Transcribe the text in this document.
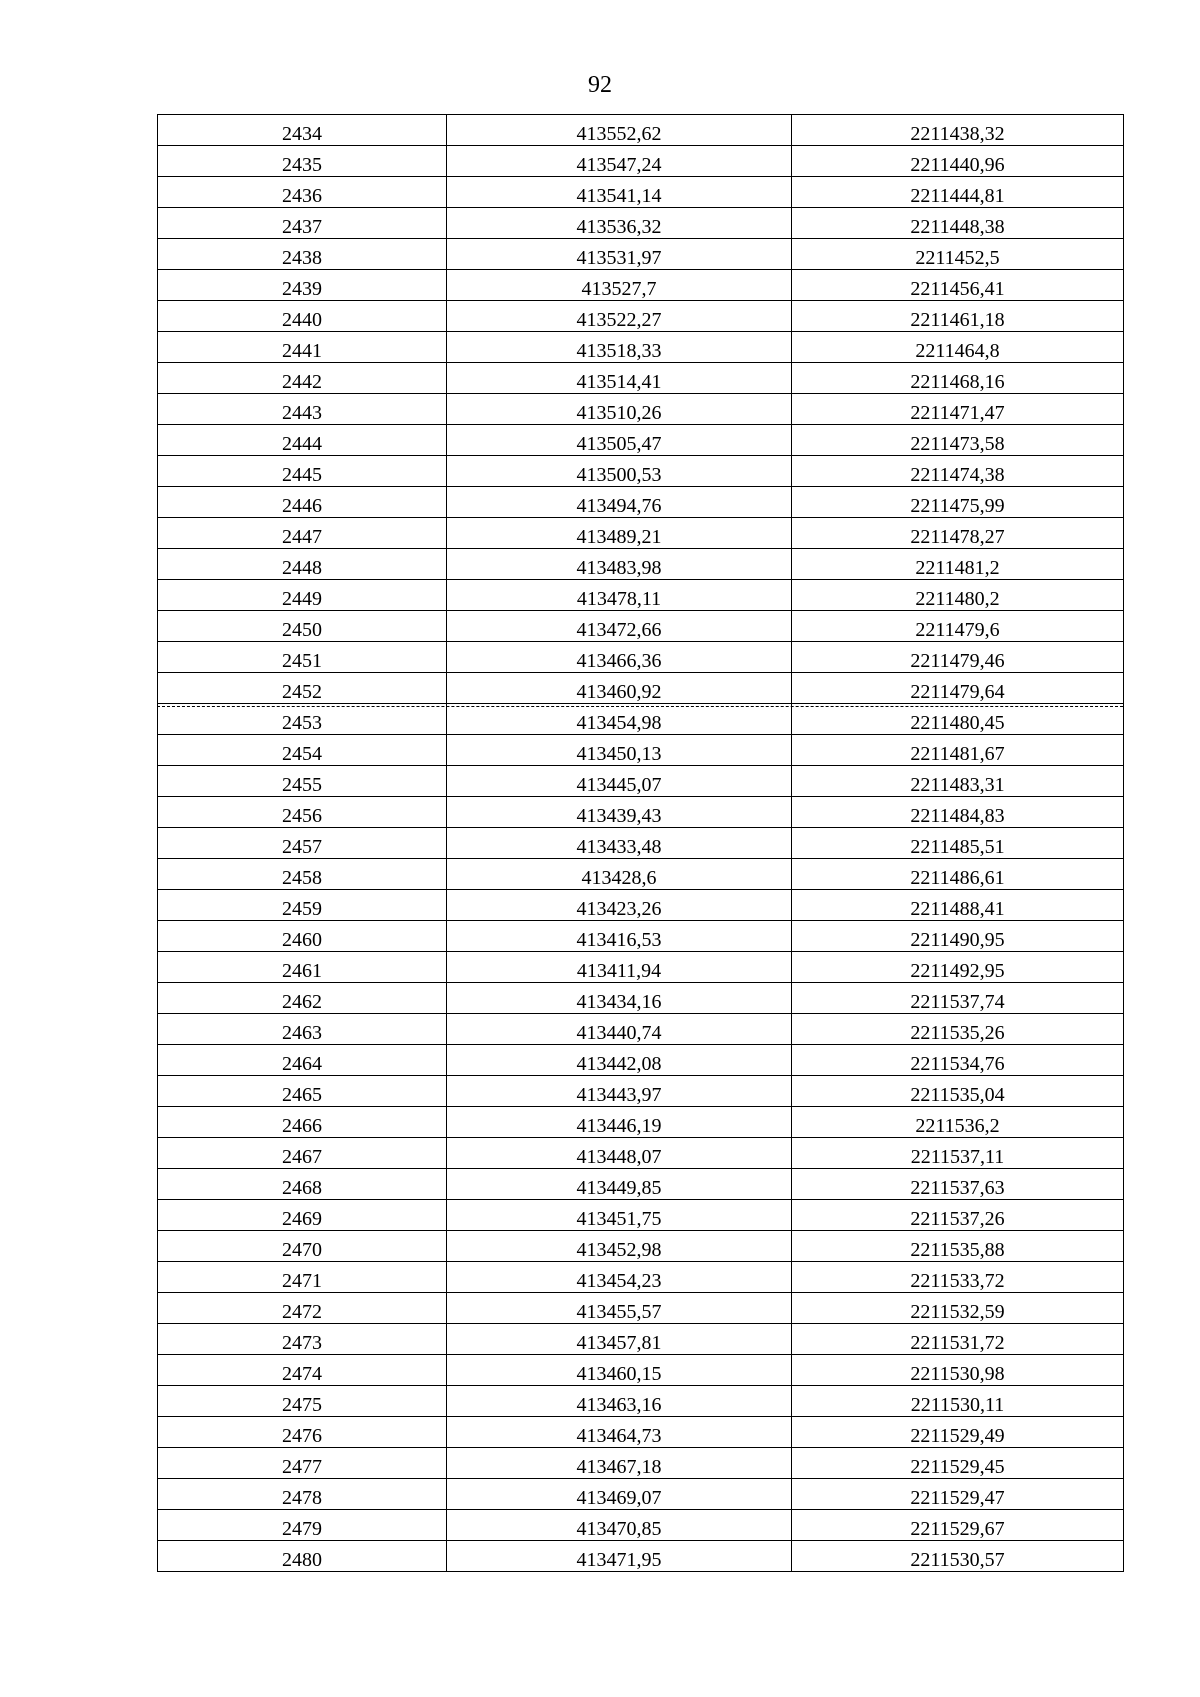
92
2434	413552,62	2211438,32
2435	413547,24	2211440,96
2436	413541,14	2211444,81
2437	413536,32	2211448,38
2438	413531,97	2211452,5
2439	413527,7	2211456,41
2440	413522,27	2211461,18
2441	413518,33	2211464,8
2442	413514,41	2211468,16
2443	413510,26	2211471,47
2444	413505,47	2211473,58
2445	413500,53	2211474,38
2446	413494,76	2211475,99
2447	413489,21	2211478,27
2448	413483,98	2211481,2
2449	413478,11	2211480,2
2450	413472,66	2211479,6
2451	413466,36	2211479,46
2452	413460,92	2211479,64
2453	413454,98	2211480,45
2454	413450,13	2211481,67
2455	413445,07	2211483,31
2456	413439,43	2211484,83
2457	413433,48	2211485,51
2458	413428,6	2211486,61
2459	413423,26	2211488,41
2460	413416,53	2211490,95
2461	413411,94	2211492,95
2462	413434,16	2211537,74
2463	413440,74	2211535,26
2464	413442,08	2211534,76
2465	413443,97	2211535,04
2466	413446,19	2211536,2
2467	413448,07	2211537,11
2468	413449,85	2211537,63
2469	413451,75	2211537,26
2470	413452,98	2211535,88
2471	413454,23	2211533,72
2472	413455,57	2211532,59
2473	413457,81	2211531,72
2474	413460,15	2211530,98
2475	413463,16	2211530,11
2476	413464,73	2211529,49
2477	413467,18	2211529,45
2478	413469,07	2211529,47
2479	413470,85	2211529,67
2480	413471,95	2211530,57
